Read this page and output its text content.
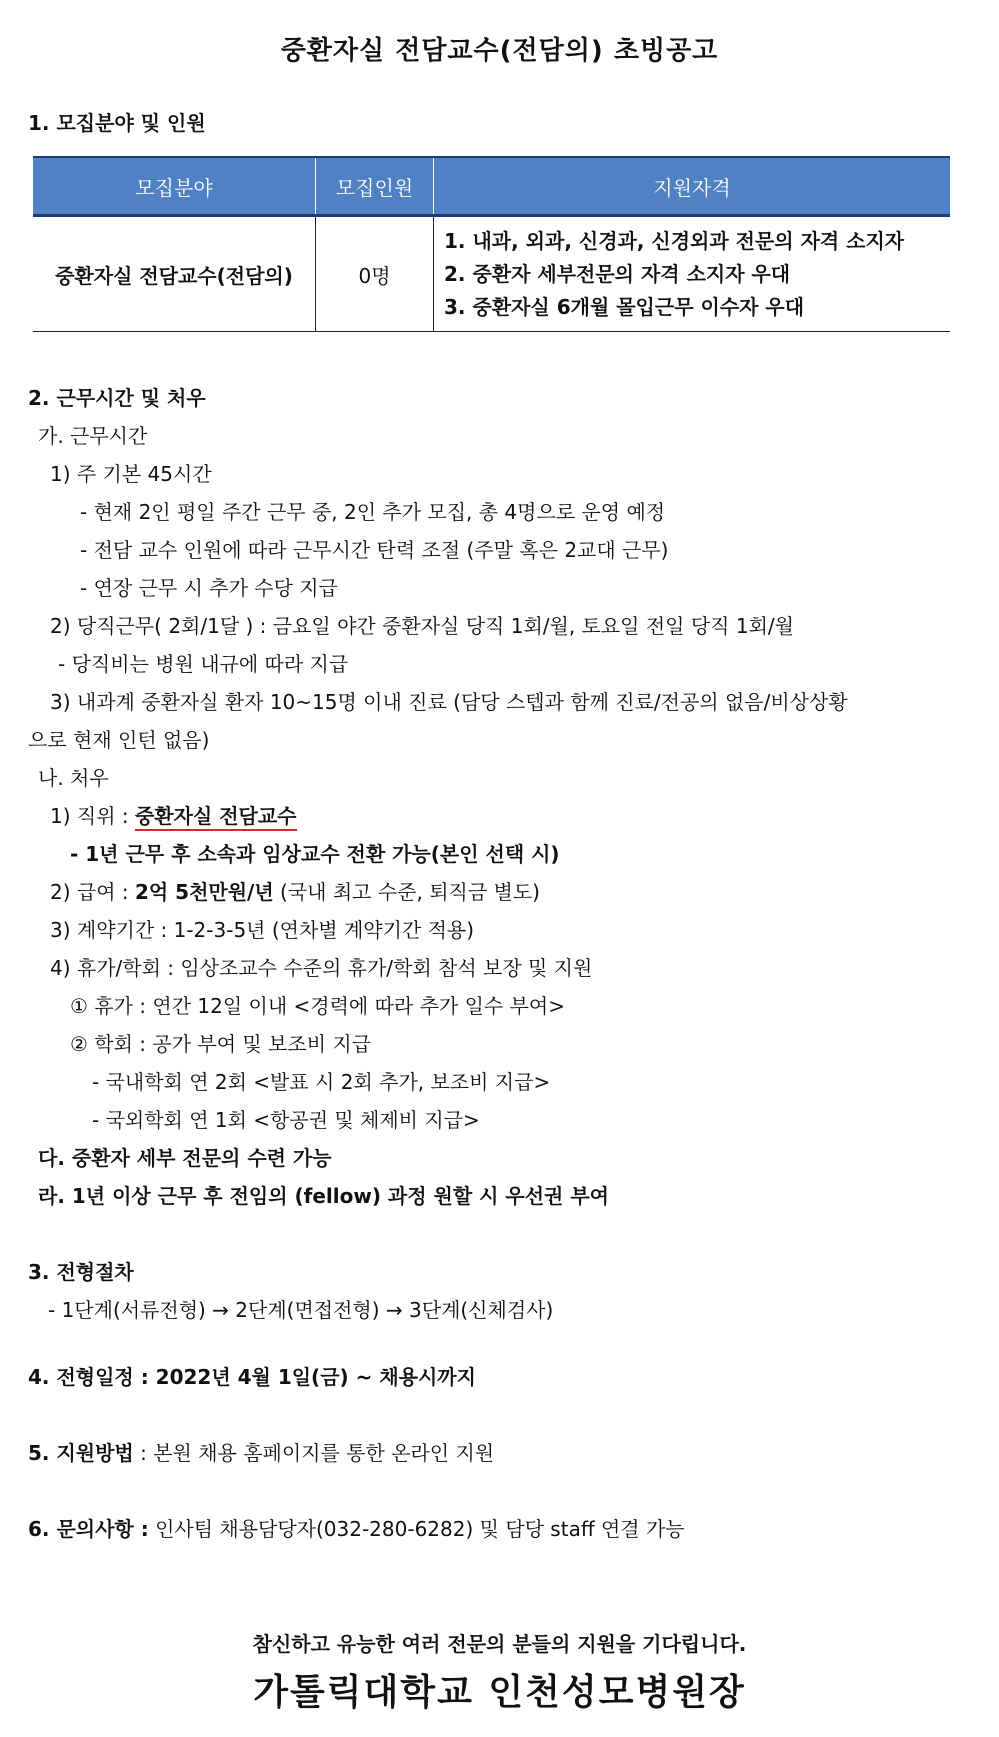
중환자실 전담교수(전담의) 초빙공고
1. 모집분야 및 인원
모집분야	모집인원	지원자격
중환자실 전담교수(전담의)	0명	1. 내과, 외과, 신경과, 신경외과 전문의 자격 소지자
2. 중환자 세부전문의 자격 소지자 우대
3. 중환자실 6개월 몰입근무 이수자 우대
2. 근무시간 및 처우
가. 근무시간
1) 주 기본 45시간
- 현재 2인 평일 주간 근무 중, 2인 추가 모집, 총 4명으로 운영 예정
- 전담 교수 인원에 따라 근무시간 탄력 조절 (주말 혹은 2교대 근무)
- 연장 근무 시 추가 수당 지급
2) 당직근무( 2회/1달 ) : 금요일 야간 중환자실 당직 1회/월, 토요일 전일 당직 1회/월
- 당직비는 병원 내규에 따라 지급
3) 내과계 중환자실 환자 10~15명 이내 진료 (담당 스텝과 함께 진료/전공의 없음/비상상황
으로 현재 인턴 없음)
나. 처우
1) 직위 : 중환자실 전담교수
- 1년 근무 후 소속과 임상교수 전환 가능(본인 선택 시)
2) 급여 : 2억 5천만원/년 (국내 최고 수준, 퇴직금 별도)
3) 계약기간 : 1-2-3-5년 (연차별 계약기간 적용)
4) 휴가/학회 : 임상조교수 수준의 휴가/학회 참석 보장 및 지원
① 휴가 : 연간 12일 이내 <경력에 따라 추가 일수 부여>
② 학회 : 공가 부여 및 보조비 지급
- 국내학회 연 2회 <발표 시 2회 추가, 보조비 지급>
- 국외학회 연 1회 <항공권 및 체제비 지급>
다. 중환자 세부 전문의 수련 가능
라. 1년 이상 근무 후 전임의 (fellow) 과정 원할 시 우선권 부여
3. 전형절차
- 1단계(서류전형) → 2단계(면접전형) → 3단계(신체검사)
4. 전형일정 : 2022년 4월 1일(금) ~ 채용시까지
5. 지원방법 : 본원 채용 홈페이지를 통한 온라인 지원
6. 문의사항 : 인사팀 채용담당자(032-280-6282) 및 담당 staff 연결 가능
참신하고 유능한 여러 전문의 분들의 지원을 기다립니다.
가톨릭대학교 인천성모병원장
